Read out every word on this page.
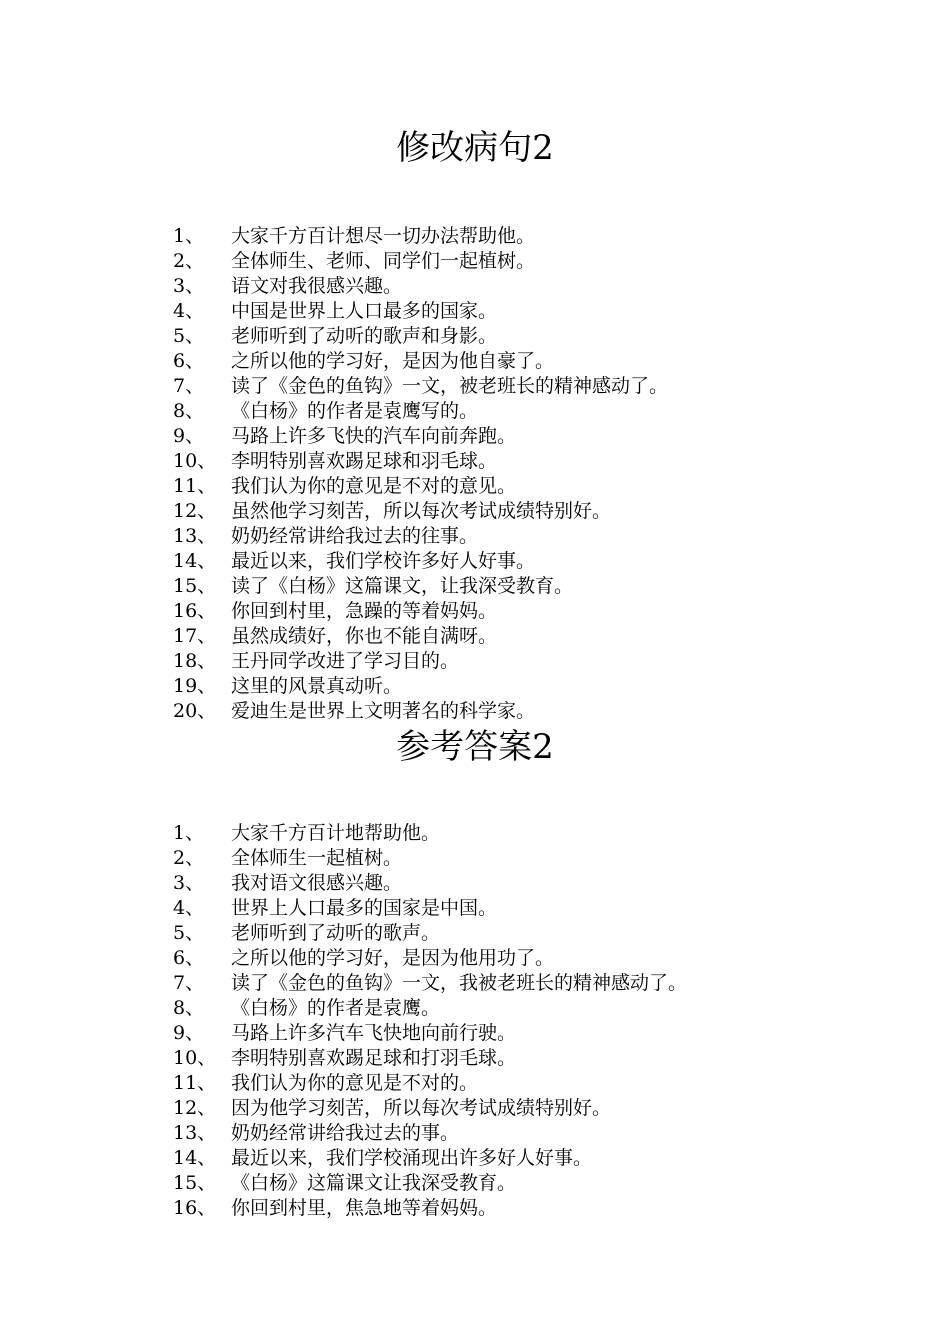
修改病句2
1、 大家千方百计想尽一切办法帮助他。
2、 全体师生、老师、同学们一起植树。
3、 语文对我很感兴趣。
4、 中国是世界上人口最多的国家。
5、 老师听到了动听的歌声和身影。
6、 之所以他的学习好，是因为他自豪了。
7、 读了《金色的鱼钩》一文，被老班长的精神感动了。
8、 《白杨》的作者是袁鹰写的。
9、 马路上许多飞快的汽车向前奔跑。
10、 李明特别喜欢踢足球和羽毛球。
11、 我们认为你的意见是不对的意见。
12、 虽然他学习刻苦，所以每次考试成绩特别好。
13、 奶奶经常讲给我过去的往事。
14、 最近以来，我们学校许多好人好事。
15、 读了《白杨》这篇课文，让我深受教育。
16、 你回到村里，急躁的等着妈妈。
17、 虽然成绩好，你也不能自满呀。
18、 王丹同学改进了学习目的。
19、 这里的风景真动听。
20、 爱迪生是世界上文明著名的科学家。
参考答案2
1、 大家千方百计地帮助他。
2、 全体师生一起植树。
3、 我对语文很感兴趣。
4、 世界上人口最多的国家是中国。
5、 老师听到了动听的歌声。
6、 之所以他的学习好，是因为他用功了。
7、 读了《金色的鱼钩》一文，我被老班长的精神感动了。
8、 《白杨》的作者是袁鹰。
9、 马路上许多汽车飞快地向前行驶。
10、 李明特别喜欢踢足球和打羽毛球。
11、 我们认为你的意见是不对的。
12、 因为他学习刻苦，所以每次考试成绩特别好。
13、 奶奶经常讲给我过去的事。
14、 最近以来，我们学校涌现出许多好人好事。
15、 《白杨》这篇课文让我深受教育。
16、 你回到村里，焦急地等着妈妈。
